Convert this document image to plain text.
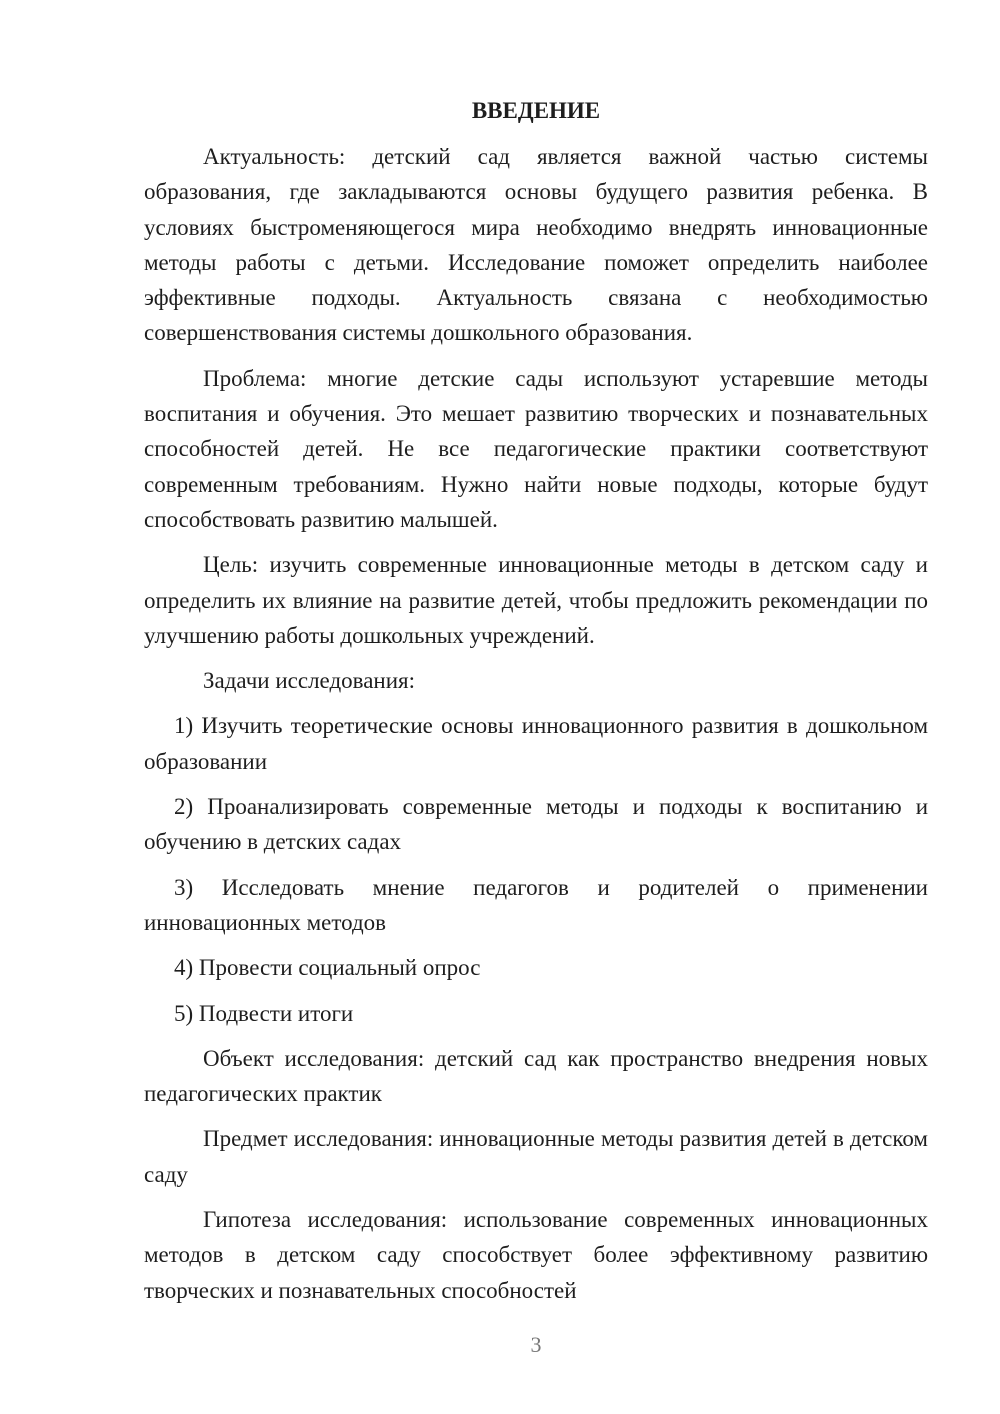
ВВЕДЕНИЕ

Актуальность: детский сад является важной частью системы образования, где закладываются основы будущего развития ребенка. В условиях быстроменяющегося мира необходимо внедрять инновационные методы работы с детьми. Исследование поможет определить наиболее эффективные подходы. Актуальность связана с необходимостью совершенствования системы дошкольного образования.

Проблема: многие детские сады используют устаревшие методы воспитания и обучения. Это мешает развитию творческих и познавательных способностей детей. Не все педагогические практики соответствуют современным требованиям. Нужно найти новые подходы, которые будут способствовать развитию малышей.

Цель: изучить современные инновационные методы в детском саду и определить их влияние на развитие детей, чтобы предложить рекомендации по улучшению работы дошкольных учреждений.

Задачи исследования:

1) Изучить теоретические основы инновационного развития в дошкольном образовании

2) Проанализировать современные методы и подходы к воспитанию и обучению в детских садах

3) Исследовать мнение педагогов и родителей о применении инновационных методов

4) Провести социальный опрос

5) Подвести итоги

Объект исследования: детский сад как пространство внедрения новых педагогических практик

Предмет исследования: инновационные методы развития детей в детском саду

Гипотеза исследования: использование современных инновационных методов в детском саду способствует более эффективному развитию творческих и познавательных способностей

3
